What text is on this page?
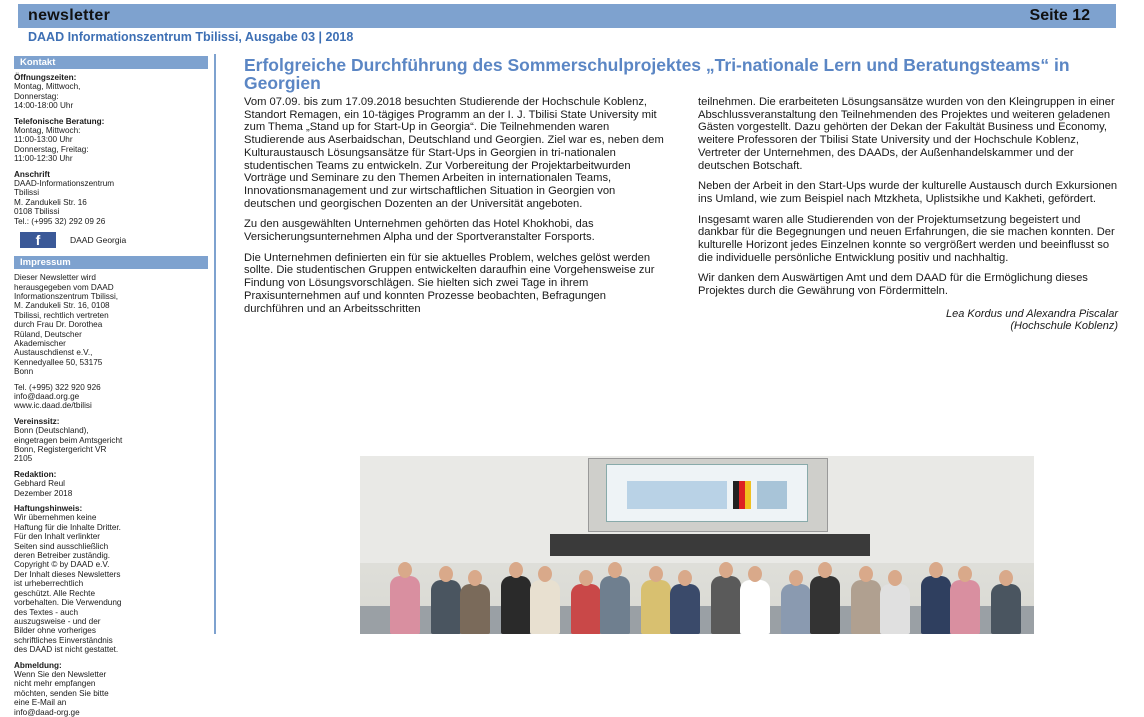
newsletter	Seite 12
DAAD Informationszentrum Tbilissi, Ausgabe 03 | 2018
Kontakt
Öffnungszeiten:
Montag, Mittwoch,
Donnerstag:
14:00-18:00 Uhr
Telefonische Beratung:
Montag, Mittwoch:
11:00-13:00 Uhr
Donnerstag, Freitag:
11:00-12:30 Uhr
Anschrift
DAAD-Informationszentrum
Tbilissi
M. Zandukeli Str. 16
0108 Tbilissi
Tel.: (+995 32) 292 09 26
f	DAAD Georgia
Impressum
Dieser Newsletter wird
herausgegeben vom DAAD
Informationszentrum Tbilissi,
M. Zandukeli Str. 16, 0108
Tbilissi, rechtlich vertreten
durch Frau Dr. Dorothea
Rüland, Deutscher
Akademischer
Austauschdienst e.V.,
Kennedyallee 50, 53175
Bonn
Tel. (+995) 322 920 926
info@daad.org.ge
www.ic.daad.de/tbilisi
Vereinssitz:
Bonn (Deutschland),
eingetragen beim Amtsgericht
Bonn, Registergericht VR
2105
Redaktion:
Gebhard Reul
Dezember 2018
Haftungshinweis:
Wir übernehmen keine
Haftung für die Inhalte Dritter.
Für den Inhalt verlinkter
Seiten sind ausschließlich
deren Betreiber zuständig.
Copyright © by DAAD e.V.
Der Inhalt dieses Newsletters
ist urheberrechtlich
geschützt. Alle Rechte
vorbehalten. Die Verwendung
des Textes - auch
auszugsweise - und der
Bilder ohne vorheriges
schriftliches Einverständnis
des DAAD ist nicht gestattet.
Abmeldung:
Wenn Sie den Newsletter
nicht mehr empfangen
möchten, senden Sie bitte
eine E-Mail an
info@daad-org.ge
Erfolgreiche Durchführung des Sommerschulprojektes „Tri-nationale Lern und Beratungsteams“ in Georgien

Vom 07.09. bis zum 17.09.2018 besuchten Studierende der Hochschule Koblenz, Standort Remagen, ein 10-tägiges Programm an der I. J. Tbilisi State University mit zum Thema „Stand up for Start-Up in Georgia“. Die Teilnehmenden waren Studierende aus Aserbaidschan, Deutschland und Georgien. Ziel war es, neben dem Kulturaustausch Lösungsansätze für Start-Ups in Georgien in tri-nationalen studentischen Teams zu entwickeln. Zur Vorbereitung der Projektarbeitwurden Vorträge und Seminare zu den Themen Arbeiten in internationalen Teams, Innovationsmanagement und zur wirtschaftlichen Situation in Georgien von deutschen und georgischen Dozenten an der Universität angeboten.

Zu den ausgewählten Unternehmen gehörten das Hotel Khokhobi, das Versicherungsunternehmen Alpha und der Sportveranstalter Forsports.

Die Unternehmen definierten ein für sie aktuelles Problem, welches gelöst werden sollte. Die studentischen Gruppen entwickelten daraufhin eine Vorgehensweise zur Findung von Lösungsvorschlägen. Sie hielten sich zwei Tage in ihrem Praxisunternehmen auf und konnten Prozesse beobachten, Befragungen durchführen und an Arbeitsschritten

teilnehmen. Die erarbeiteten Lösungsansätze wurden von den Kleingruppen in einer Abschlussveranstaltung den Teilnehmenden des Projektes und weiteren geladenen Gästen vorgestellt. Dazu gehörten der Dekan der Fakultät Business und Economy, weitere Professoren der Tbilisi State University und der Hochschule Koblenz, Vertreter der Unternehmen, des DAADs, der Außenhandelskammer und der deutschen Botschaft.

Neben der Arbeit in den Start-Ups wurde der kulturelle Austausch durch Exkursionen ins Umland, wie zum Beispiel nach Mtzkheta, Uplistsikhe und Kakheti, gefördert.

Insgesamt waren alle Studierenden von der Projektumsetzung begeistert und dankbar für die Begegnungen und neuen Erfahrungen, die sie machen konnten. Der kulturelle Horizont jedes Einzelnen konnte so vergrößert werden und beeinflusst so die individuelle persönliche Entwicklung positiv und nachhaltig.

Wir danken dem Auswärtigen Amt und dem DAAD für die Ermöglichung dieses Projektes durch die Gewährung von Fördermitteln.

Lea Kordus und Alexandra Piscalar
(Hochschule Koblenz)
